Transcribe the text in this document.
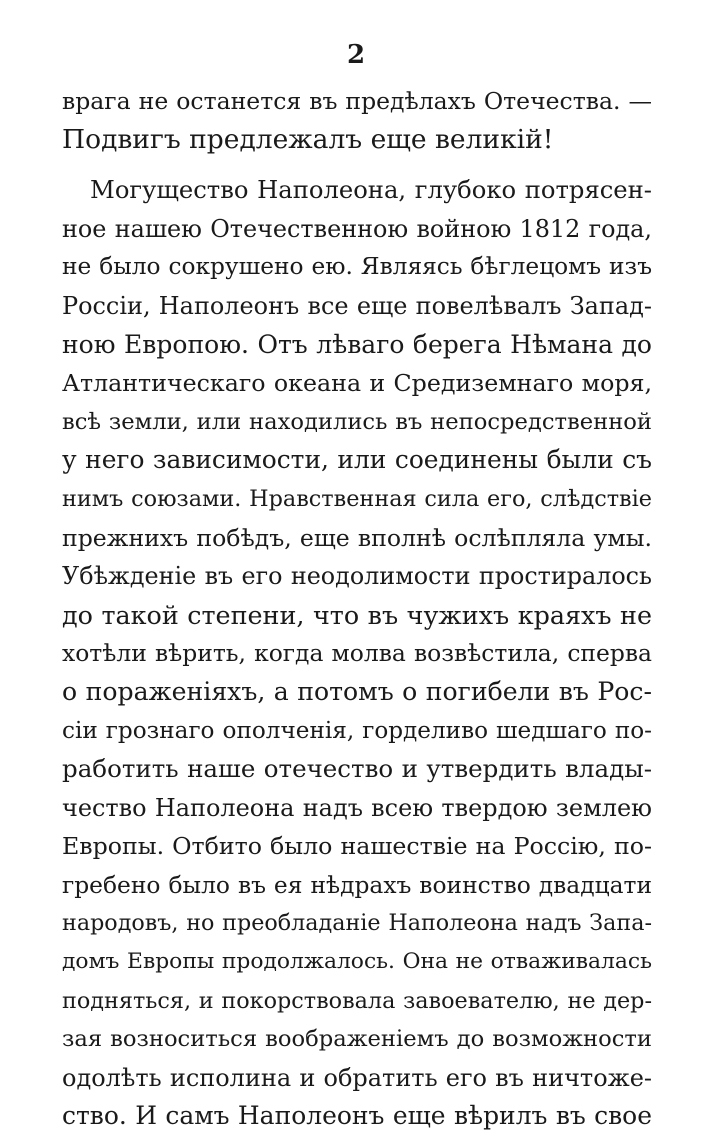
2
врага не останется въ предѣлахъ Отечества. —
Подвигъ предлежалъ еще великій!
Могущество Наполеона, глубоко потрясен-
ное нашею Отечественною войною 1812 года,
не было сокрушено ею. Являясь бѣглецомъ изъ
Россіи, Наполеонъ все еще повелѣвалъ Запад-
ною Европою. Отъ лѣваго берега Нѣмана до
Атлантическаго океана и Средиземнаго моря,
всѣ земли, или находились въ непосредственной
у него зависимости, или соединены были съ
нимъ союзами. Нравственная сила его, слѣдствіе
прежнихъ побѣдъ, еще вполнѣ ослѣпляла умы.
Убѣжденіе въ его неодолимости простиралось
до такой степени, что въ чужихъ краяхъ не
хотѣли вѣрить, когда молва возвѣстила, сперва
о пораженіяхъ, а потомъ о погибели въ Рос-
сіи грознаго ополченія, горделиво шедшаго по-
работить наше отечество и утвердить влады-
чество Наполеона надъ всею твердою землею
Европы. Отбито было нашествіе на Россію, по-
гребено было въ ея нѣдрахъ воинство двадцати
народовъ, но преобладаніе Наполеона надъ Запа-
домъ Европы продолжалось. Она не отваживалась
подняться, и покорствовала завоевателю, не дер-
зая возноситься воображеніемъ до возможности
одолѣть исполина и обратить его въ ничтоже-
ство. И самъ Наполеонъ еще вѣрилъ въ свое
